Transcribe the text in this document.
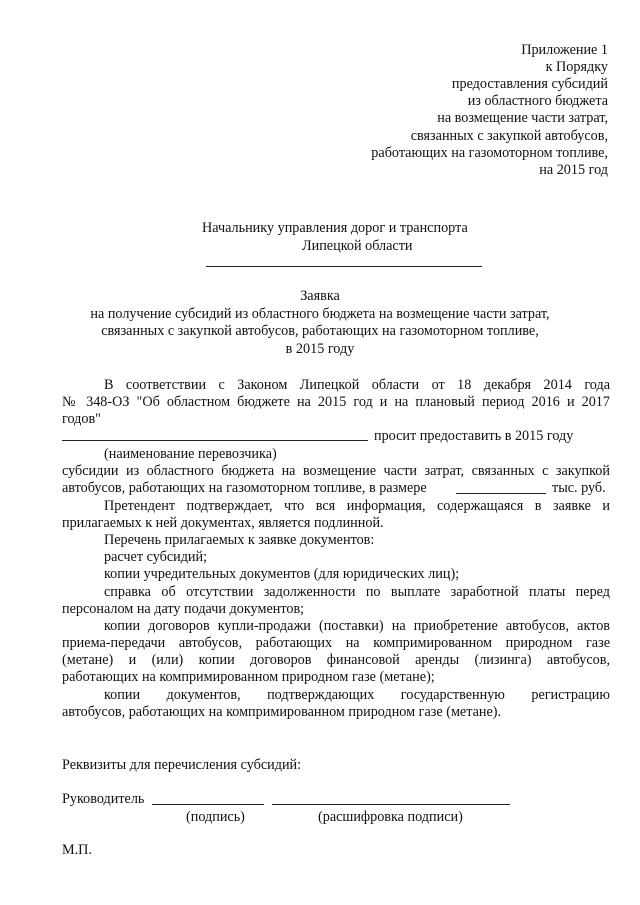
Приложение 1
к Порядку
предоставления субсидий
из областного бюджета
на возмещение части затрат,
связанных с закупкой автобусов,
работающих на газомоторном топливе,
на 2015 год
Начальнику управления дорог и транспорта
Липецкой области
Заявка
на получение субсидий из областного бюджета на возмещение части затрат,
связанных с закупкой автобусов, работающих на газомоторном топливе,
в 2015 году
В соответствии с Законом Липецкой области от 18 декабря 2014 года
№ 348-ОЗ "Об областном бюджете на 2015 год и на плановый период 2016 и 2017
годов"
просит предоставить в 2015 году
(наименование перевозчика)
субсидии из областного бюджета на возмещение части затрат, связанных с закупкой
автобусов, работающих на газомоторном топливе, в размере	тыс. руб.
Претендент подтверждает, что вся информация, содержащаяся в заявке и
прилагаемых к ней документах, является подлинной.
Перечень прилагаемых к заявке документов:
расчет субсидий;
копии учредительных документов (для юридических лиц);
справка об отсутствии задолженности по выплате заработной платы перед
персоналом на дату подачи документов;
копии договоров купли-продажи (поставки) на приобретение автобусов, актов
приема-передачи автобусов, работающих на компримированном природном газе
(метане) и (или) копии договоров финансовой аренды (лизинга) автобусов,
работающих на компримированном природном газе (метане);
копии документов, подтверждающих государственную регистрацию
автобусов, работающих на компримированном природном газе (метане).
Реквизиты для перечисления субсидий:
Руководитель
(подпись)	(расшифровка подписи)
М.П.
